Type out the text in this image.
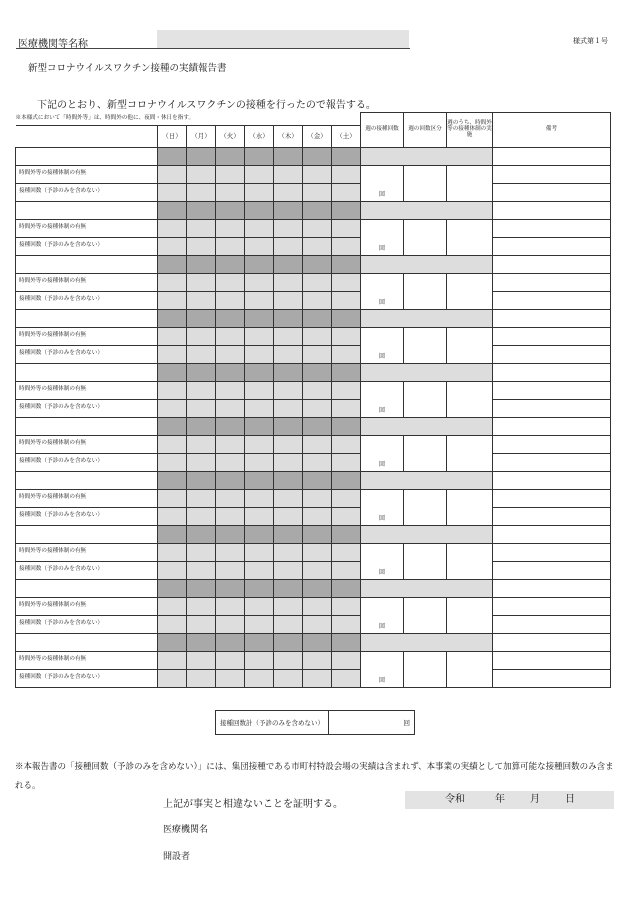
医療機関等名称	様式第１号
新型コロナウイルスワクチン接種の実績報告書
下記のとおり、新型コロナウイルスワクチンの接種を行ったので報告する。
※本様式において「時間外等」は、時間外の他に、夜間・休日を指す。								週の接種回数	週の回数区分	週のうち、時間外等の接種体制の実施	備考
	（日）	（月）	（火）	（水）	（木）	（金）	（土）				

時間外等の接種体制の有無								回			
接種回数（予診のみを含めない）											

時間外等の接種体制の有無								回			
接種回数（予診のみを含めない）											

時間外等の接種体制の有無								回			
接種回数（予診のみを含めない）											

時間外等の接種体制の有無								回			
接種回数（予診のみを含めない）											

時間外等の接種体制の有無								回			
接種回数（予診のみを含めない）											

時間外等の接種体制の有無								回			
接種回数（予診のみを含めない）											

時間外等の接種体制の有無								回			
接種回数（予診のみを含めない）											

時間外等の接種体制の有無								回			
接種回数（予診のみを含めない）											

時間外等の接種体制の有無								回			
接種回数（予診のみを含めない）											

時間外等の接種体制の有無								回			
接種回数（予診のみを含めない）											
接種回数計（予診のみを含めない）	回
※本報告書の「接種回数（予診のみを含めない）」には、集団接種である市町村特設会場の実績は含まれず、本事業の実績として加算可能な接種回数のみ含まれる。
上記が事実と相違ないことを証明する。	令和	年	月	日
医療機関名
開設者
